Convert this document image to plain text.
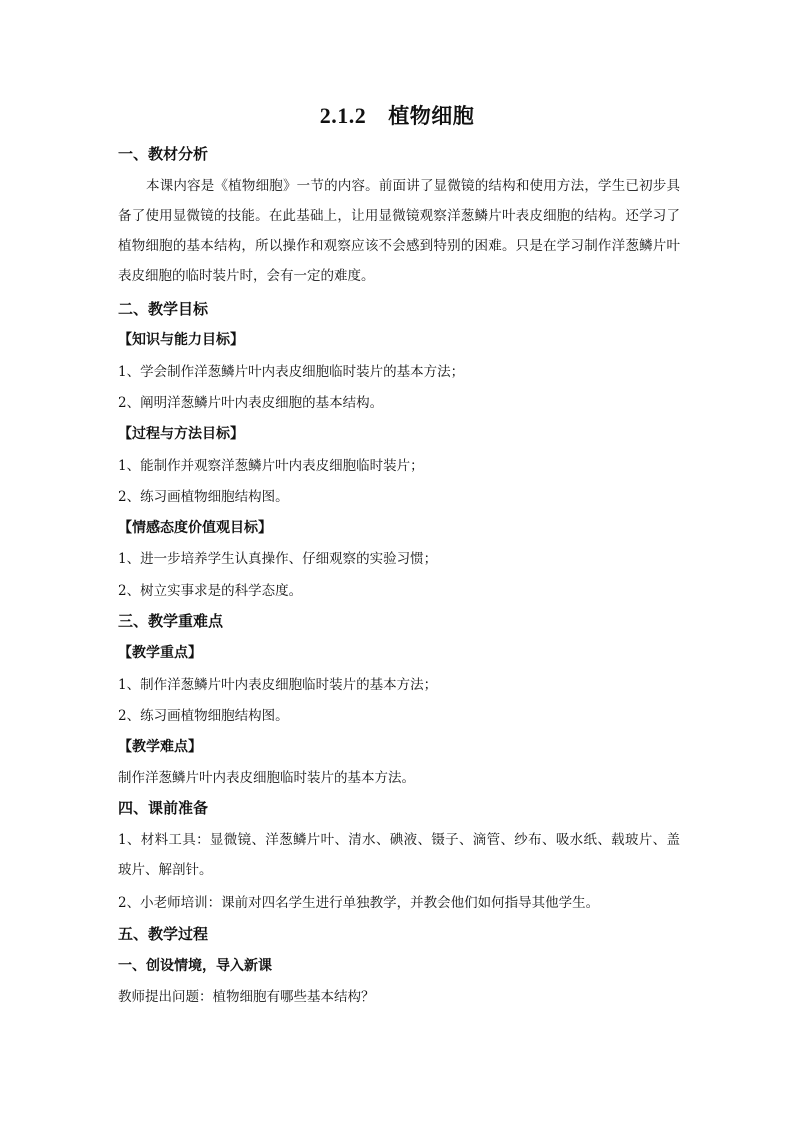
2.1.2 植物细胞
一、教材分析
本课内容是《植物细胞》一节的内容。前面讲了显微镜的结构和使用方法，学生已初步具备了使用显微镜的技能。在此基础上，让用显微镜观察洋葱鳞片叶表皮细胞的结构。还学习了植物细胞的基本结构，所以操作和观察应该不会感到特别的困难。只是在学习制作洋葱鳞片叶表皮细胞的临时装片时，会有一定的难度。
二、教学目标
【知识与能力目标】
1、学会制作洋葱鳞片叶内表皮细胞临时装片的基本方法；
2、阐明洋葱鳞片叶内表皮细胞的基本结构。
【过程与方法目标】
1、能制作并观察洋葱鳞片叶内表皮细胞临时装片；
2、练习画植物细胞结构图。
【情感态度价值观目标】
1、进一步培养学生认真操作、仔细观察的实验习惯；
2、树立实事求是的科学态度。
三、教学重难点
【教学重点】
1、制作洋葱鳞片叶内表皮细胞临时装片的基本方法；
2、练习画植物细胞结构图。
【教学难点】
制作洋葱鳞片叶内表皮细胞临时装片的基本方法。
四、课前准备
1、材料工具：显微镜、洋葱鳞片叶、清水、碘液、镊子、滴管、纱布、吸水纸、载玻片、盖玻片、解剖针。
2、小老师培训：课前对四名学生进行单独教学，并教会他们如何指导其他学生。
五、教学过程
一、创设情境，导入新课
教师提出问题：植物细胞有哪些基本结构？
